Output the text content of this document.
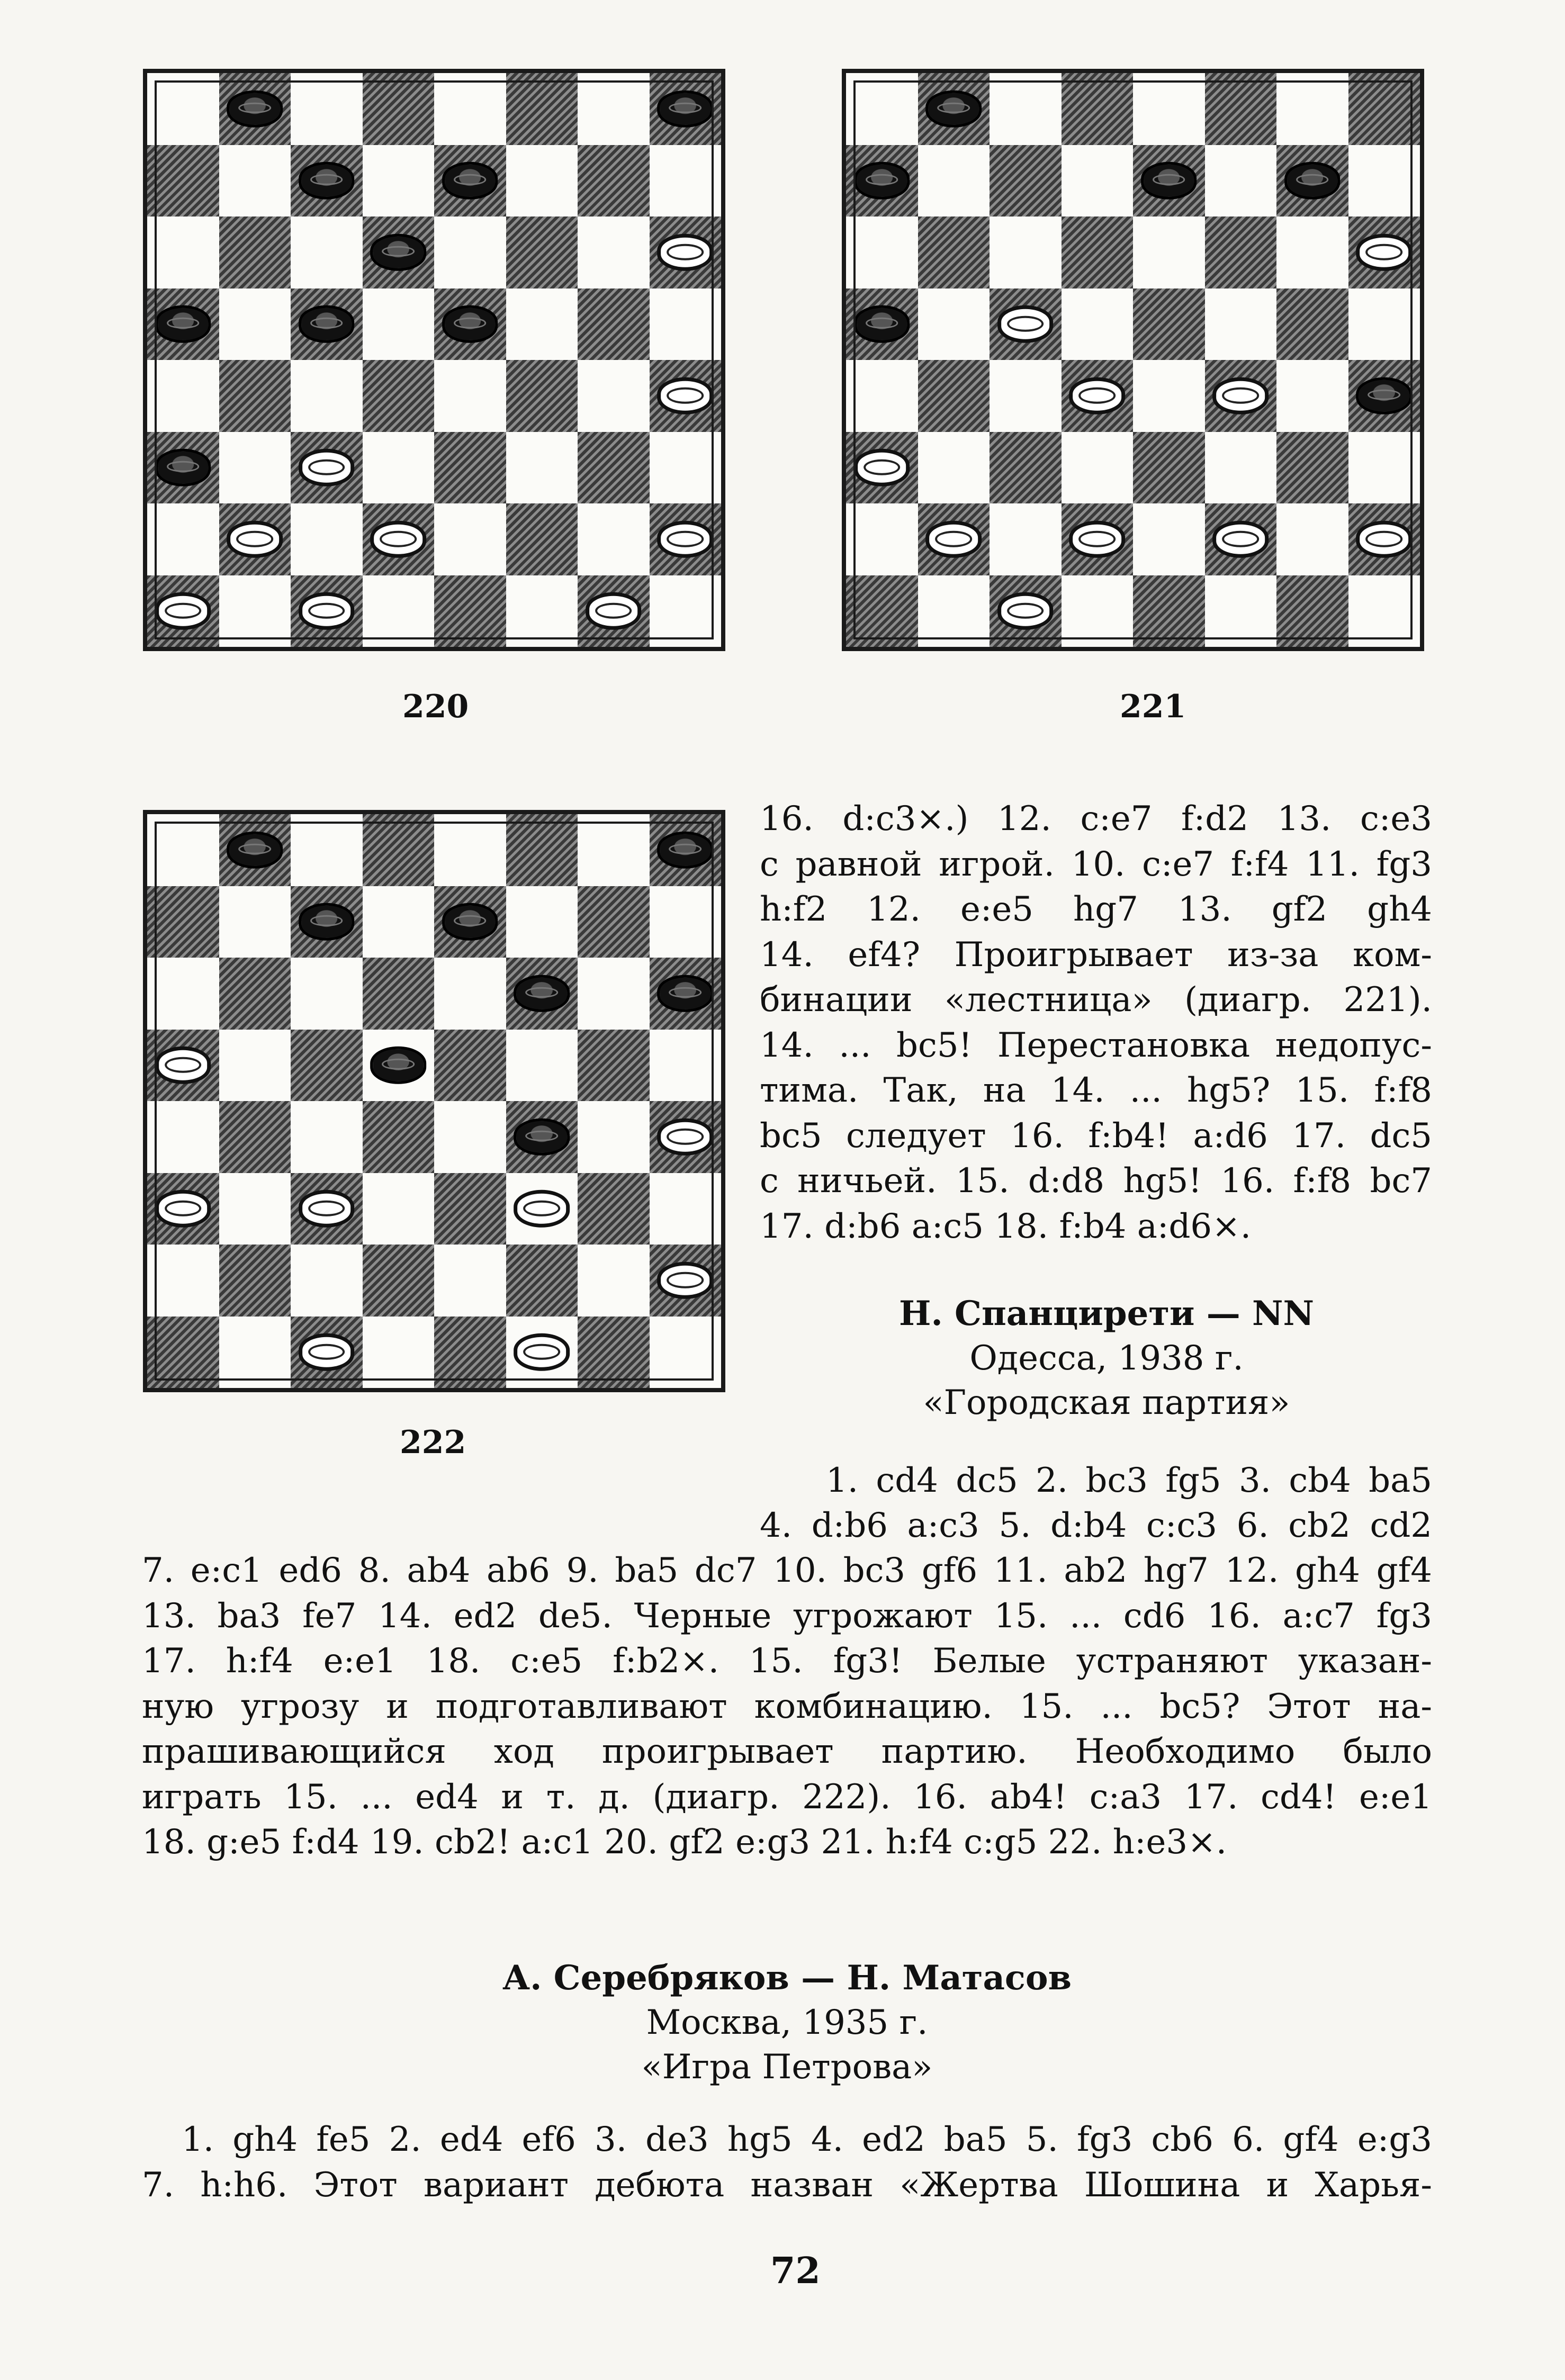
220	221
222
16. d:c3×.) 12. c:e7 f:d2 13. c:e3
с равной игрой. 10. c:e7 f:f4 11. fg3
h:f2 12. e:e5 hg7 13. gf2 gh4
14. ef4? Проигрывает из-за ком-
бинации «лестница» (диагр. 221).
14. ... bc5! Перестановка недопус-
тима. Так, на 14. ... hg5? 15. f:f8
bc5 следует 16. f:b4! a:d6 17. dc5
с ничьей. 15. d:d8 hg5! 16. f:f8 bc7
17. d:b6 a:c5 18. f:b4 a:d6×.
Н. Спанцирети — NN
Одесса, 1938 г.
«Городская партия»
1. cd4 dc5 2. bc3 fg5 3. cb4 ba5
4. d:b6 a:c3 5. d:b4 c:c3 6. cb2 cd2
7. e:c1 ed6 8. ab4 ab6 9. ba5 dc7 10. bc3 gf6 11. ab2 hg7 12. gh4 gf4
13. ba3 fe7 14. ed2 de5. Черные угрожают 15. ... cd6 16. a:c7 fg3
17. h:f4 e:e1 18. c:e5 f:b2×. 15. fg3! Белые устраняют указан-
ную угрозу и подготавливают комбинацию. 15. ... bc5? Этот на-
прашивающийся ход проигрывает партию. Необходимо было
играть 15. ... ed4 и т. д. (диагр. 222). 16. ab4! c:a3 17. cd4! e:e1
18. g:e5 f:d4 19. cb2! a:c1 20. gf2 e:g3 21. h:f4 c:g5 22. h:e3×.
А. Серебряков — Н. Матасов
Москва, 1935 г.
«Игра Петрова»
1. gh4 fe5 2. ed4 ef6 3. de3 hg5 4. ed2 ba5 5. fg3 cb6 6. gf4 e:g3
7. h:h6. Этот вариант дебюта назван «Жертва Шошина и Харья-
72
